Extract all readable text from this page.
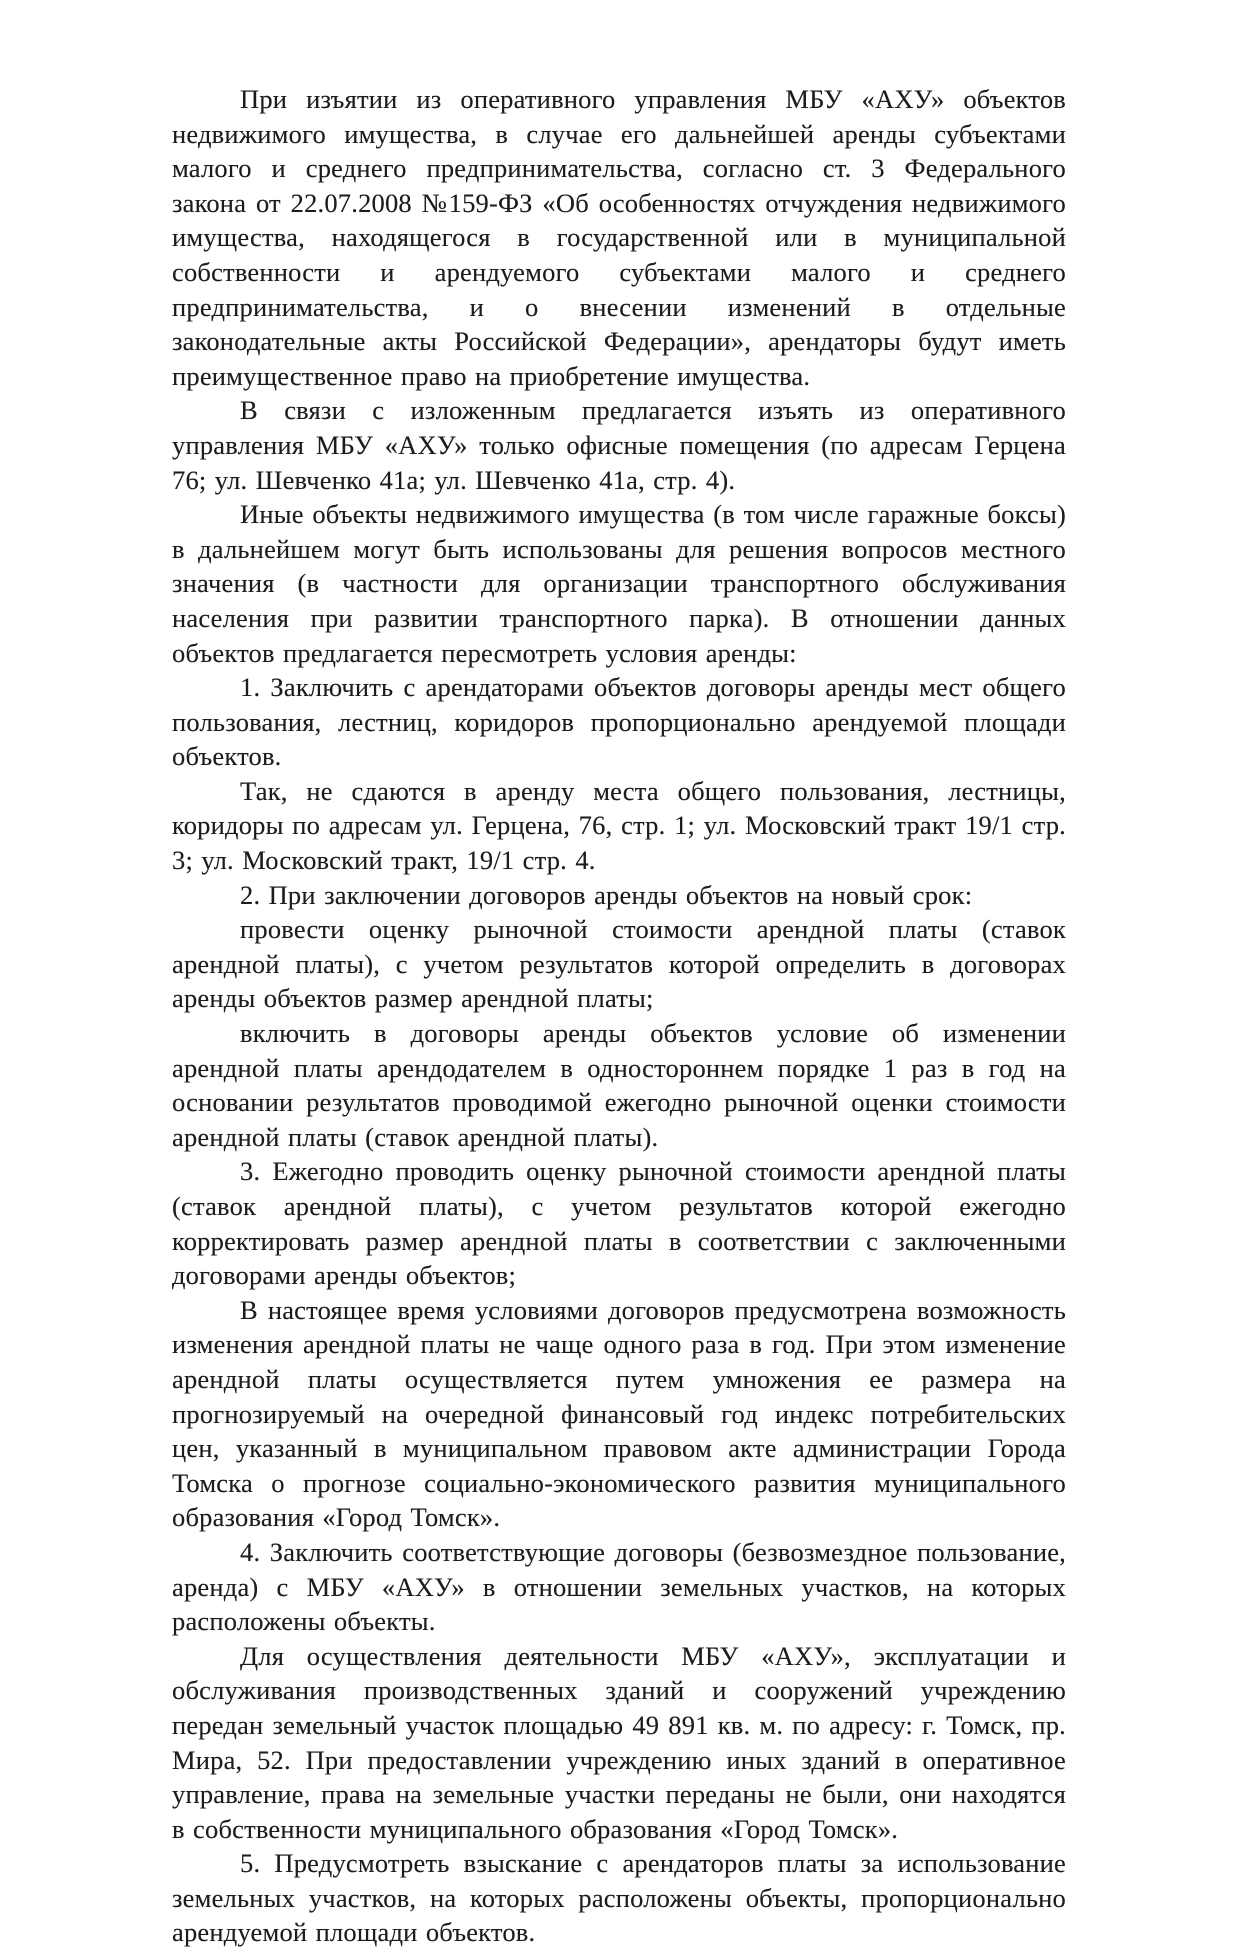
При изъятии из оперативного управления МБУ «АХУ» объектов недвижимого имущества, в случае его дальнейшей аренды субъектами малого и среднего предпринимательства, согласно ст. 3 Федерального закона от 22.07.2008 №159-ФЗ «Об особенностях отчуждения недвижимого имущества, находящегося в государственной или в муниципальной собственности и арендуемого субъектами малого и среднего предпринимательства, и о внесении изменений в отдельные законодательные акты Российской Федерации», арендаторы будут иметь преимущественное право на приобретение имущества.

В связи с изложенным предлагается изъять из оперативного управления МБУ «АХУ» только офисные помещения (по адресам Герцена 76; ул. Шевченко 41а; ул. Шевченко 41а, стр. 4).

Иные объекты недвижимого имущества (в том числе гаражные боксы) в дальнейшем могут быть использованы для решения вопросов местного значения (в частности для организации транспортного обслуживания населения при развитии транспортного парка). В отношении данных объектов предлагается пересмотреть условия аренды:

1. Заключить с арендаторами объектов договоры аренды мест общего пользования, лестниц, коридоров пропорционально арендуемой площади объектов.

Так, не сдаются в аренду места общего пользования, лестницы, коридоры по адресам ул. Герцена, 76, стр. 1; ул. Московский тракт 19/1 стр. 3; ул. Московский тракт, 19/1 стр. 4.

2. При заключении договоров аренды объектов на новый срок:

провести оценку рыночной стоимости арендной платы (ставок арендной платы), с учетом результатов которой определить в договорах аренды объектов размер арендной платы;

включить в договоры аренды объектов условие об изменении арендной платы арендодателем в одностороннем порядке 1 раз в год на основании результатов проводимой ежегодно рыночной оценки стоимости арендной платы (ставок арендной платы).

3. Ежегодно проводить оценку рыночной стоимости арендной платы (ставок арендной платы), с учетом результатов которой ежегодно корректировать размер арендной платы в соответствии с заключенными договорами аренды объектов;

В настоящее время условиями договоров предусмотрена возможность изменения арендной платы не чаще одного раза в год. При этом изменение арендной платы осуществляется путем умножения ее размера на прогнозируемый на очередной финансовый год индекс потребительских цен, указанный в муниципальном правовом акте администрации Города Томска о прогнозе социально-экономического развития муниципального образования «Город Томск».

4. Заключить соответствующие договоры (безвозмездное пользование, аренда) с МБУ «АХУ» в отношении земельных участков, на которых расположены объекты.

Для осуществления деятельности МБУ «АХУ», эксплуатации и обслуживания производственных зданий и сооружений учреждению передан земельный участок площадью 49 891 кв. м. по адресу: г. Томск, пр. Мира, 52. При предоставлении учреждению иных зданий в оперативное управление, права на земельные участки переданы не были, они находятся в собственности муниципального образования «Город Томск».

5. Предусмотреть взыскание с арендаторов платы за использование земельных участков, на которых расположены объекты, пропорционально арендуемой площади объектов.
